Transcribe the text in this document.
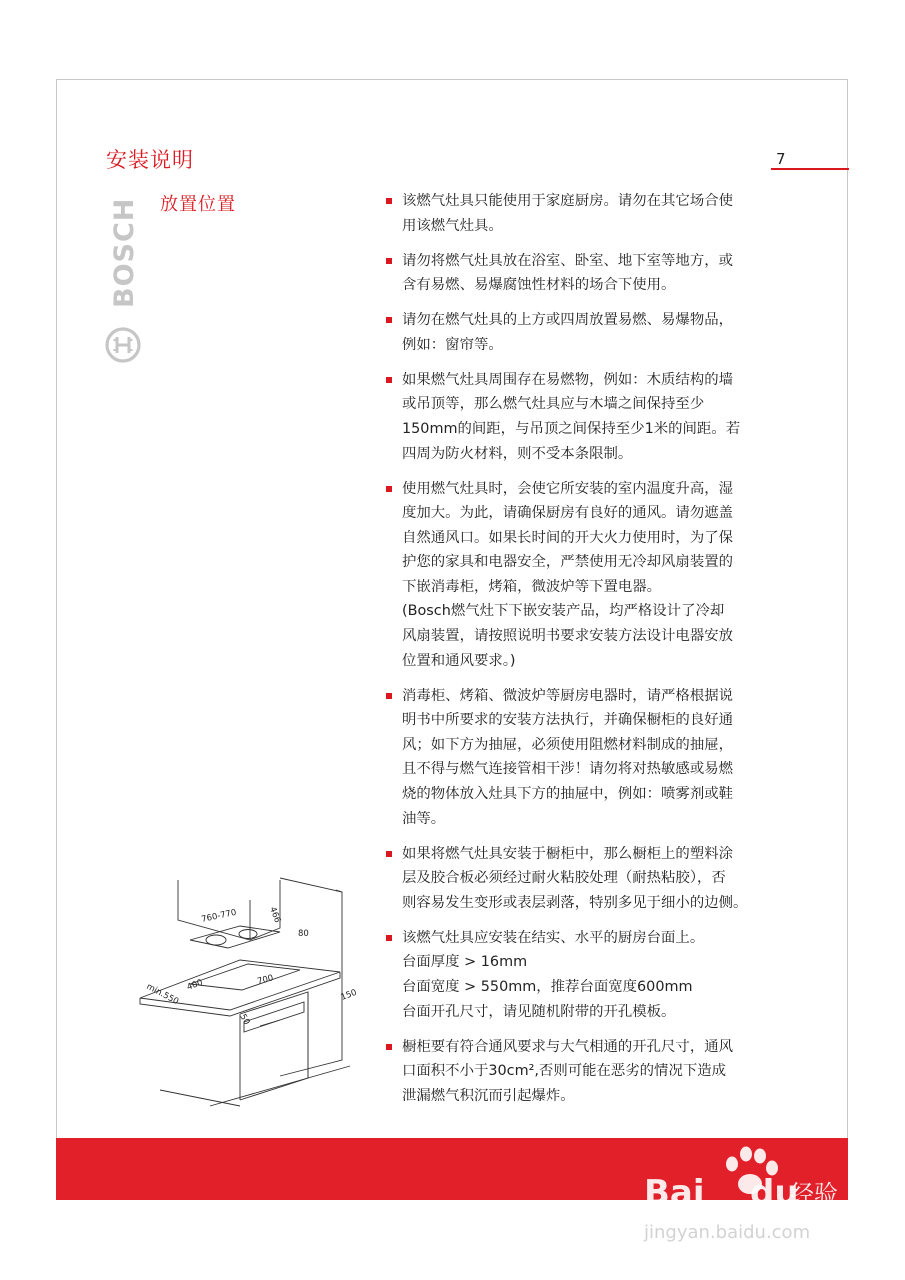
安装说明	7
BOSCH 放置位置	该燃气灶具只能使用于家庭厨房。请勿在其它场合使
用该燃气灶具。
请勿将燃气灶具放在浴室、卧室、地下室等地方，或
含有易燃、易爆腐蚀性材料的场合下使用。
请勿在燃气灶具的上方或四周放置易燃、易爆物品，
例如：窗帘等。
如果燃气灶具周围存在易燃物，例如：木质结构的墙
或吊顶等，那么燃气灶具应与木墙之间保持至少
150mm的间距，与吊顶之间保持至少1米的间距。若
四周为防火材料，则不受本条限制。
使用燃气灶具时，会使它所安装的室内温度升高，湿
度加大。为此，请确保厨房有良好的通风。请勿遮盖
自然通风口。如果长时间的开大火力使用时，为了保
护您的家具和电器安全，严禁使用无冷却风扇装置的
下嵌消毒柜，烤箱，微波炉等下置电器。
(Bosch燃气灶下下嵌安装产品，均严格设计了冷却
风扇装置，请按照说明书要求安装方法设计电器安放
位置和通风要求。)
消毒柜、烤箱、微波炉等厨房电器时，请严格根据说
明书中所要求的安装方法执行，并确保橱柜的良好通
风；如下方为抽屉，必须使用阻燃材料制成的抽屉，
且不得与燃气连接管相干涉！请勿将对热敏感或易燃
烧的物体放入灶具下方的抽屉中，例如：喷雾剂或鞋
油等。
如果将燃气灶具安装于橱柜中，那么橱柜上的塑料涂
层及胶合板必须经过耐火粘胶处理（耐热粘胶），否
则容易发生变形或表层剥落，特别多见于细小的边侧。
该燃气灶具应安装在结实、水平的厨房台面上。
台面厚度 > 16mm
台面宽度 > 550mm，推荐台面宽度600mm
台面开孔尺寸，请见随机附带的开孔模板。
橱柜要有符合通风要求与大气相通的开孔尺寸，通风
口面积不小于30cm²,否则可能在恶劣的情况下造成
泄漏燃气积沉而引起爆炸。
760-770	466
80
700
400
min.550	150
50
Bai du
经验
jingyan.baidu.com
